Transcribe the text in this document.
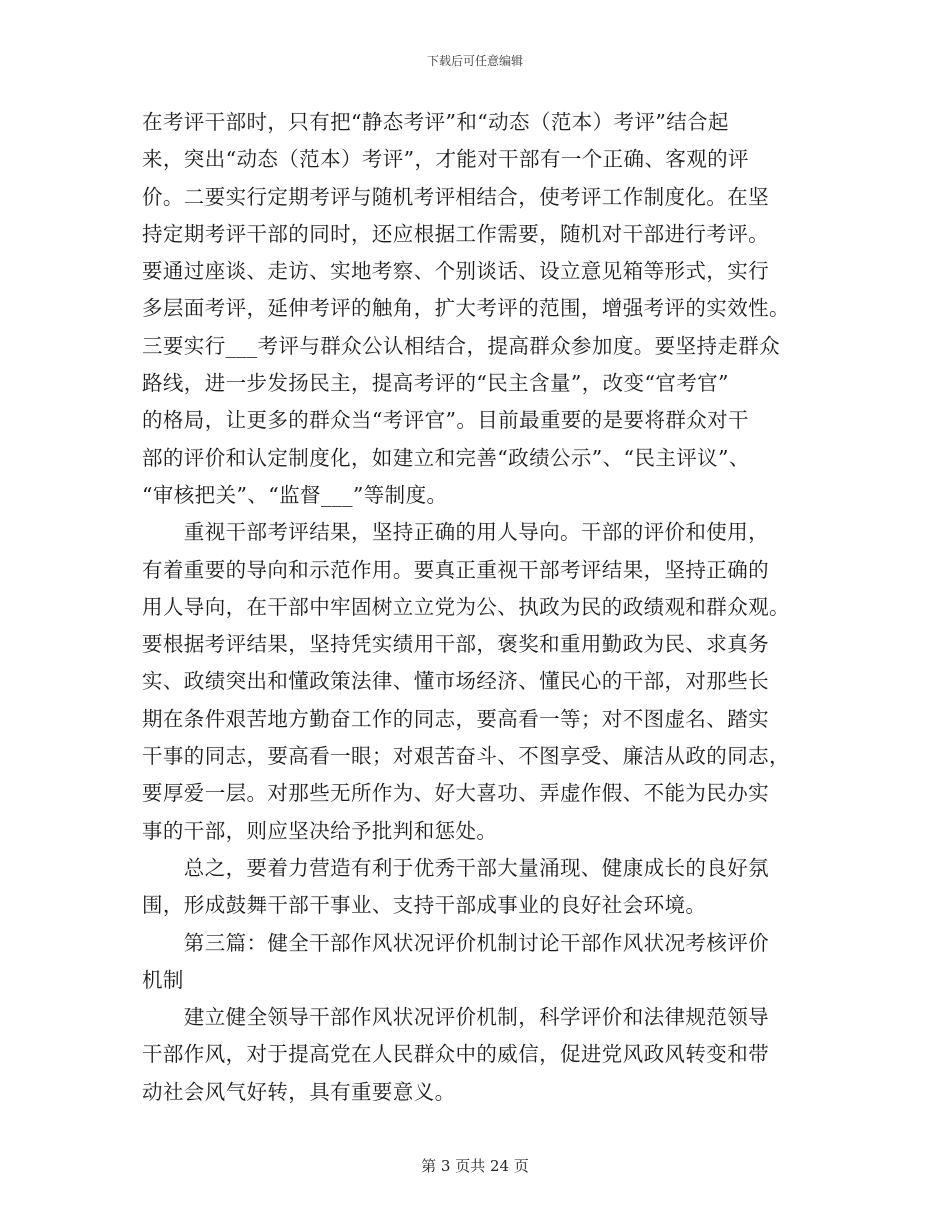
下载后可任意编辑
在考评干部时，只有把“静态考评”和“动态（范本）考评”结合起
来，突出“动态（范本）考评”，才能对干部有一个正确、客观的评
价。二要实行定期考评与随机考评相结合，使考评工作制度化。在坚
持定期考评干部的同时，还应根据工作需要，随机对干部进行考评。
要通过座谈、走访、实地考察、个别谈话、设立意见箱等形式，实行
多层面考评，延伸考评的触角，扩大考评的范围，增强考评的实效性。
三要实行___考评与群众公认相结合，提高群众参加度。要坚持走群众
路线，进一步发扬民主，提高考评的“民主含量”，改变“官考官”
的格局，让更多的群众当“考评官”。目前最重要的是要将群众对干
部的评价和认定制度化，如建立和完善“政绩公示”、“民主评议”、
“审核把关”、“监督___”等制度。
　　重视干部考评结果，坚持正确的用人导向。干部的评价和使用，
有着重要的导向和示范作用。要真正重视干部考评结果，坚持正确的
用人导向，在干部中牢固树立立党为公、执政为民的政绩观和群众观。
要根据考评结果，坚持凭实绩用干部，褒奖和重用勤政为民、求真务
实、政绩突出和懂政策法律、懂市场经济、懂民心的干部，对那些长
期在条件艰苦地方勤奋工作的同志，要高看一等；对不图虚名、踏实
干事的同志，要高看一眼；对艰苦奋斗、不图享受、廉洁从政的同志，
要厚爱一层。对那些无所作为、好大喜功、弄虚作假、不能为民办实
事的干部，则应坚决给予批判和惩处。
　　总之，要着力营造有利于优秀干部大量涌现、健康成长的良好氛
围，形成鼓舞干部干事业、支持干部成事业的良好社会环境。
　　第三篇：健全干部作风状况评价机制讨论干部作风状况考核评价
机制
　　建立健全领导干部作风状况评价机制，科学评价和法律规范领导
干部作风，对于提高党在人民群众中的威信，促进党风政风转变和带
动社会风气好转，具有重要意义。
第 3 页共 24 页
